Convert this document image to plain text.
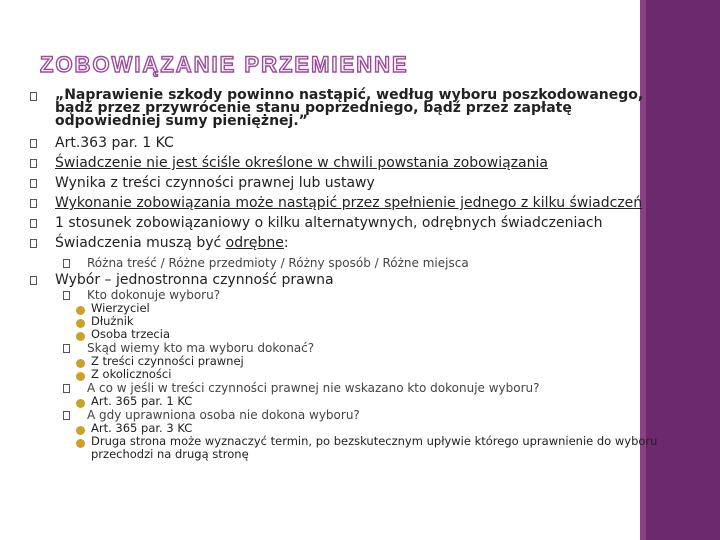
ZOBOWIĄZANIE PRZEMIENNE
„Naprawienie szkody powinno nastąpić, według wyboru poszkodowanego, bądź przez przywrócenie stanu poprzedniego, bądź przez zapłatę odpowiedniej sumy pieniężnej.”
Art.363 par. 1 KC
Świadczenie nie jest ściśle określone w chwili powstania zobowiązania
Wynika z treści czynności prawnej lub ustawy
Wykonanie zobowiązania może nastąpić przez spełnienie jednego z kilku świadczeń
1 stosunek zobowiązaniowy o kilku alternatywnych, odrębnych świadczeniach
Świadczenia muszą być odrębne:
Różna treść / Różne przedmioty / Różny sposób / Różne miejsca
Wybór – jednostronna czynność prawna
Kto dokonuje wyboru?
Wierzyciel
Dłużnik
Osoba trzecia
Skąd wiemy kto ma wyboru dokonać?
Z treści czynności prawnej
Z okoliczności
A co w jeśli w treści czynności prawnej nie wskazano kto dokonuje wyboru?
Art. 365 par. 1 KC
A gdy uprawniona osoba nie dokona wyboru?
Art. 365 par. 3 KC
Druga strona może wyznaczyć termin, po bezskutecznym upływie którego uprawnienie do wyboru przechodzi na drugą stronę
